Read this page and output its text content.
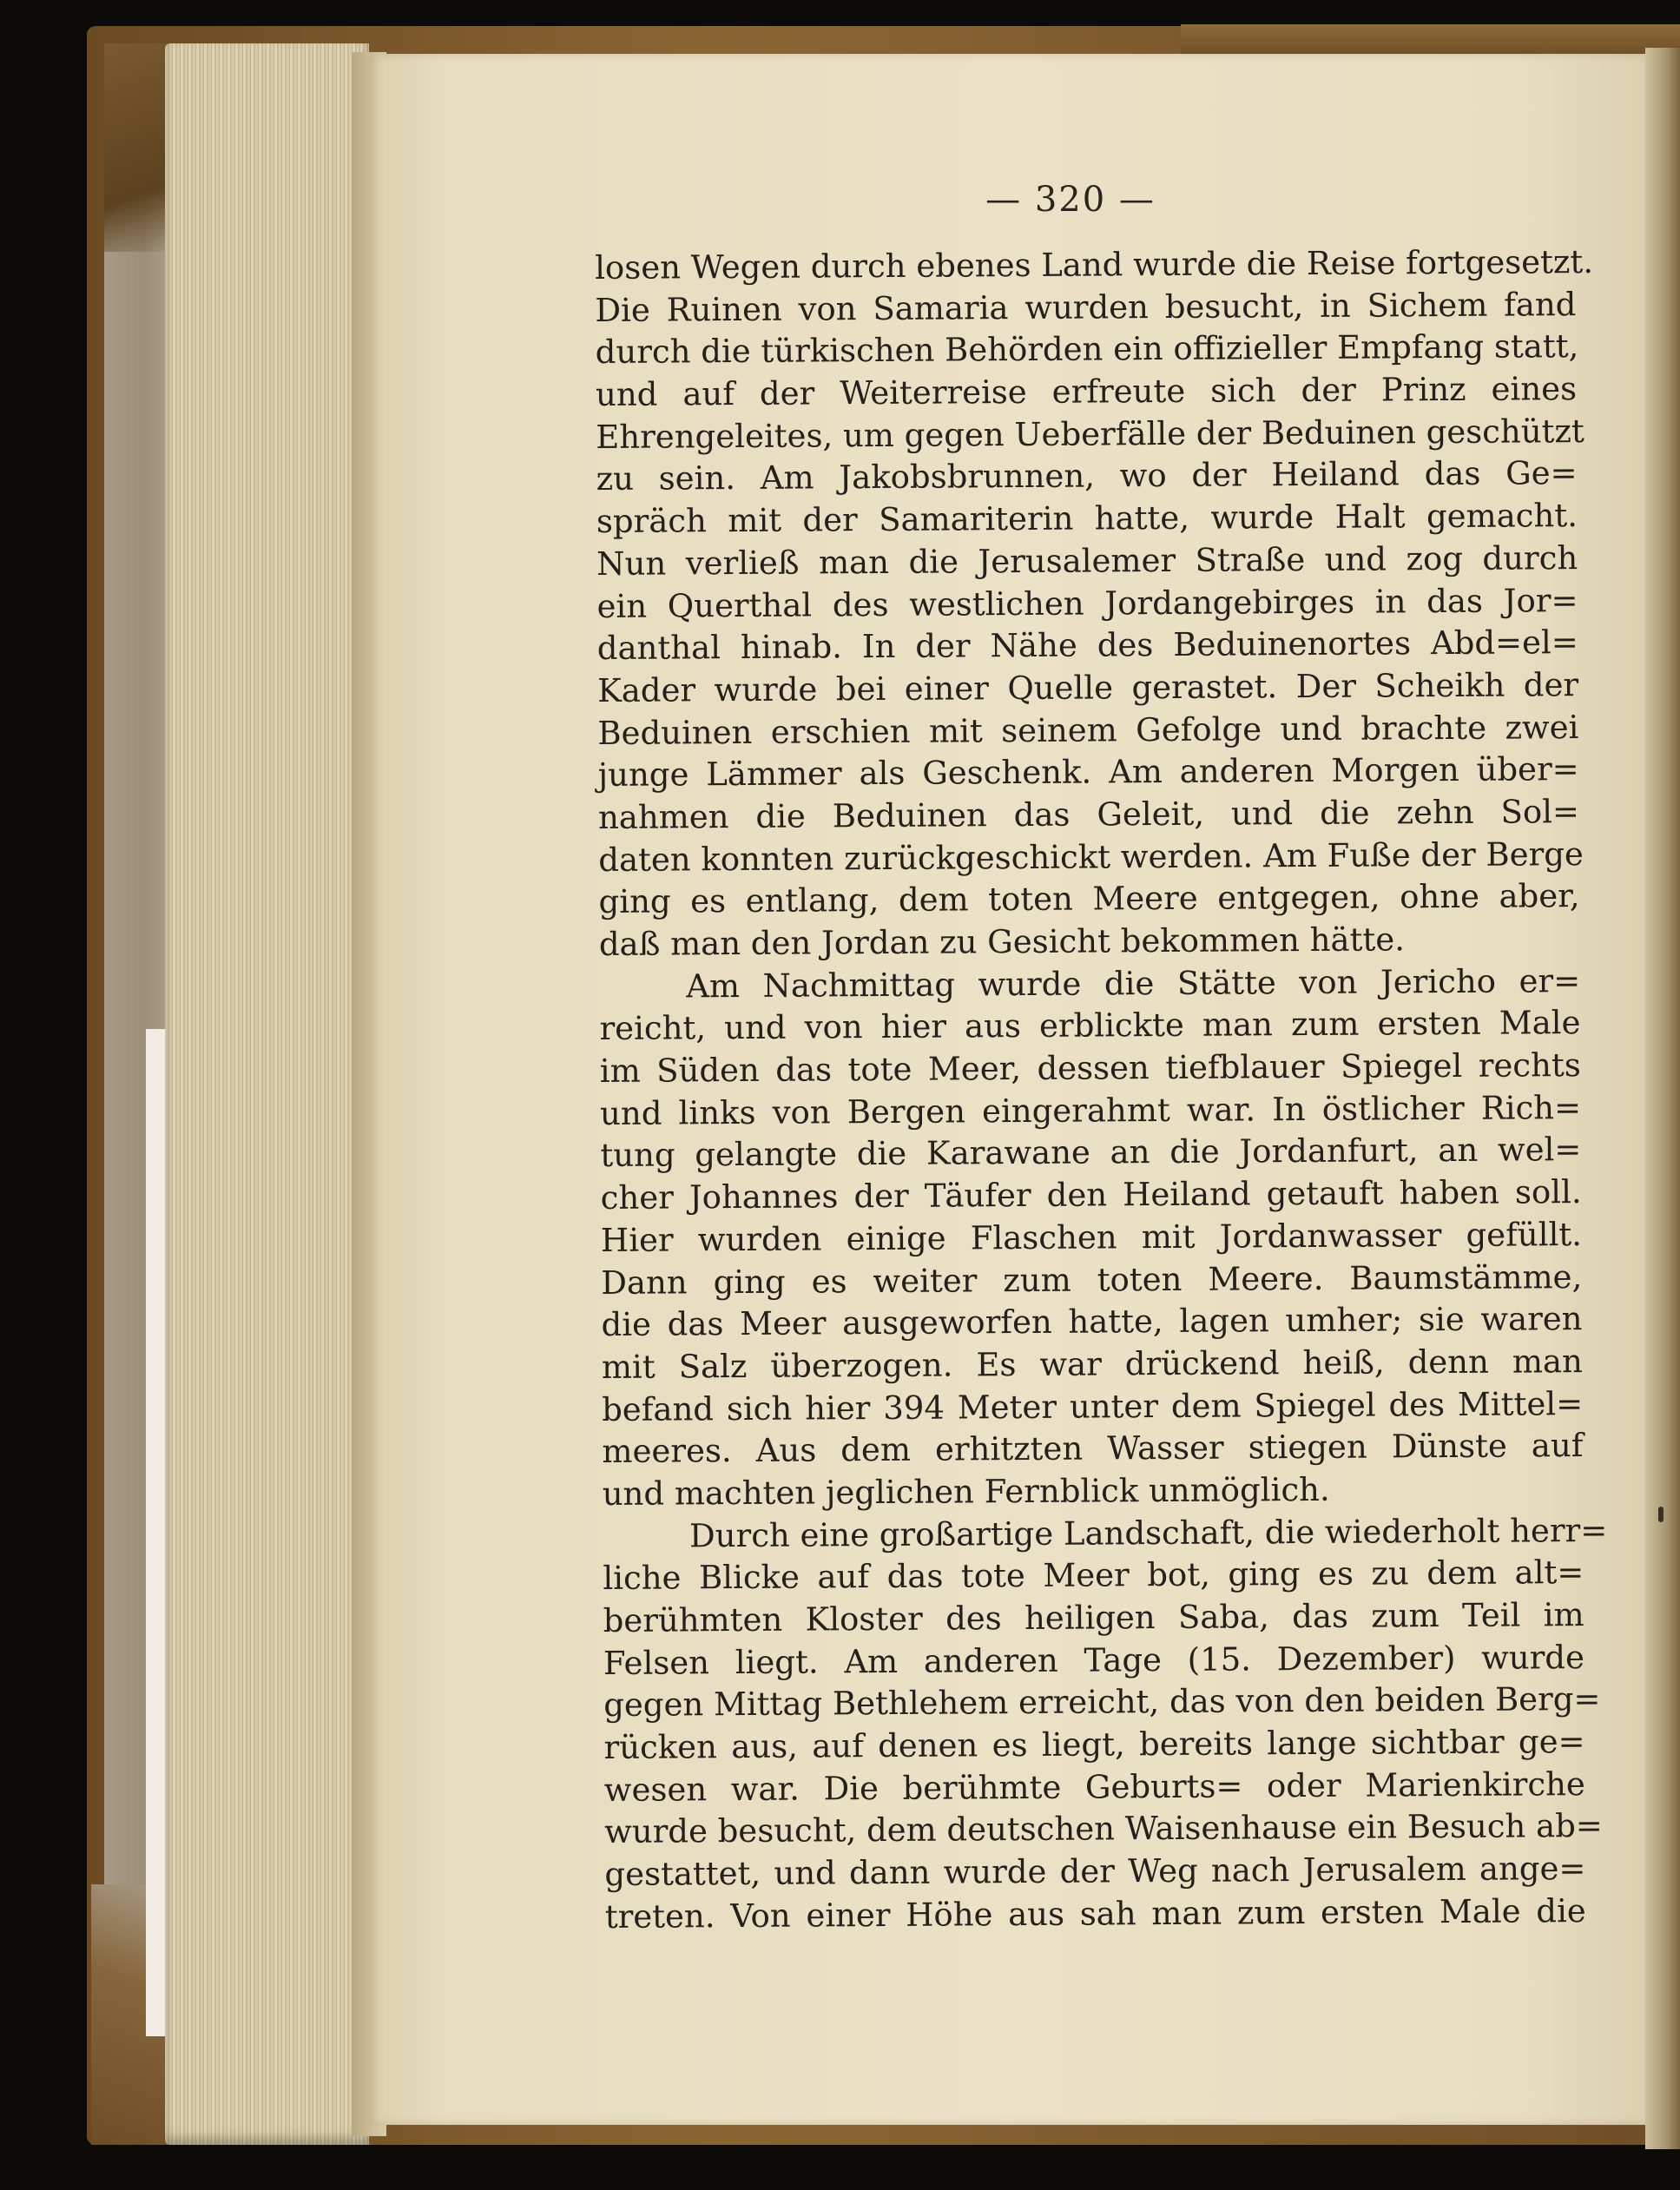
— 320 —
losen Wegen durch ebenes Land wurde die Reise fortgesetzt.
Die Ruinen von Samaria wurden besucht, in Sichem fand
durch die türkischen Behörden ein offizieller Empfang statt,
und auf der Weiterreise erfreute sich der Prinz eines
Ehrengeleites, um gegen Ueberfälle der Beduinen geschützt
zu sein. Am Jakobsbrunnen, wo der Heiland das Ge=
spräch mit der Samariterin hatte, wurde Halt gemacht.
Nun verließ man die Jerusalemer Straße und zog durch
ein Querthal des westlichen Jordangebirges in das Jor=
danthal hinab. In der Nähe des Beduinenortes Abd=el=
Kader wurde bei einer Quelle gerastet. Der Scheikh der
Beduinen erschien mit seinem Gefolge und brachte zwei
junge Lämmer als Geschenk. Am anderen Morgen über=
nahmen die Beduinen das Geleit, und die zehn Sol=
daten konnten zurückgeschickt werden. Am Fuße der Berge
ging es entlang, dem toten Meere entgegen, ohne aber,
daß man den Jordan zu Gesicht bekommen hätte.
Am Nachmittag wurde die Stätte von Jericho er=
reicht, und von hier aus erblickte man zum ersten Male
im Süden das tote Meer, dessen tiefblauer Spiegel rechts
und links von Bergen eingerahmt war. In östlicher Rich=
tung gelangte die Karawane an die Jordanfurt, an wel=
cher Johannes der Täufer den Heiland getauft haben soll.
Hier wurden einige Flaschen mit Jordanwasser gefüllt.
Dann ging es weiter zum toten Meere. Baumstämme,
die das Meer ausgeworfen hatte, lagen umher; sie waren
mit Salz überzogen. Es war drückend heiß, denn man
befand sich hier 394 Meter unter dem Spiegel des Mittel=
meeres. Aus dem erhitzten Wasser stiegen Dünste auf
und machten jeglichen Fernblick unmöglich.
Durch eine großartige Landschaft, die wiederholt herr=
liche Blicke auf das tote Meer bot, ging es zu dem alt=
berühmten Kloster des heiligen Saba, das zum Teil im
Felsen liegt. Am anderen Tage (15. Dezember) wurde
gegen Mittag Bethlehem erreicht, das von den beiden Berg=
rücken aus, auf denen es liegt, bereits lange sichtbar ge=
wesen war. Die berühmte Geburts= oder Marienkirche
wurde besucht, dem deutschen Waisenhause ein Besuch ab=
gestattet, und dann wurde der Weg nach Jerusalem ange=
treten. Von einer Höhe aus sah man zum ersten Male die
